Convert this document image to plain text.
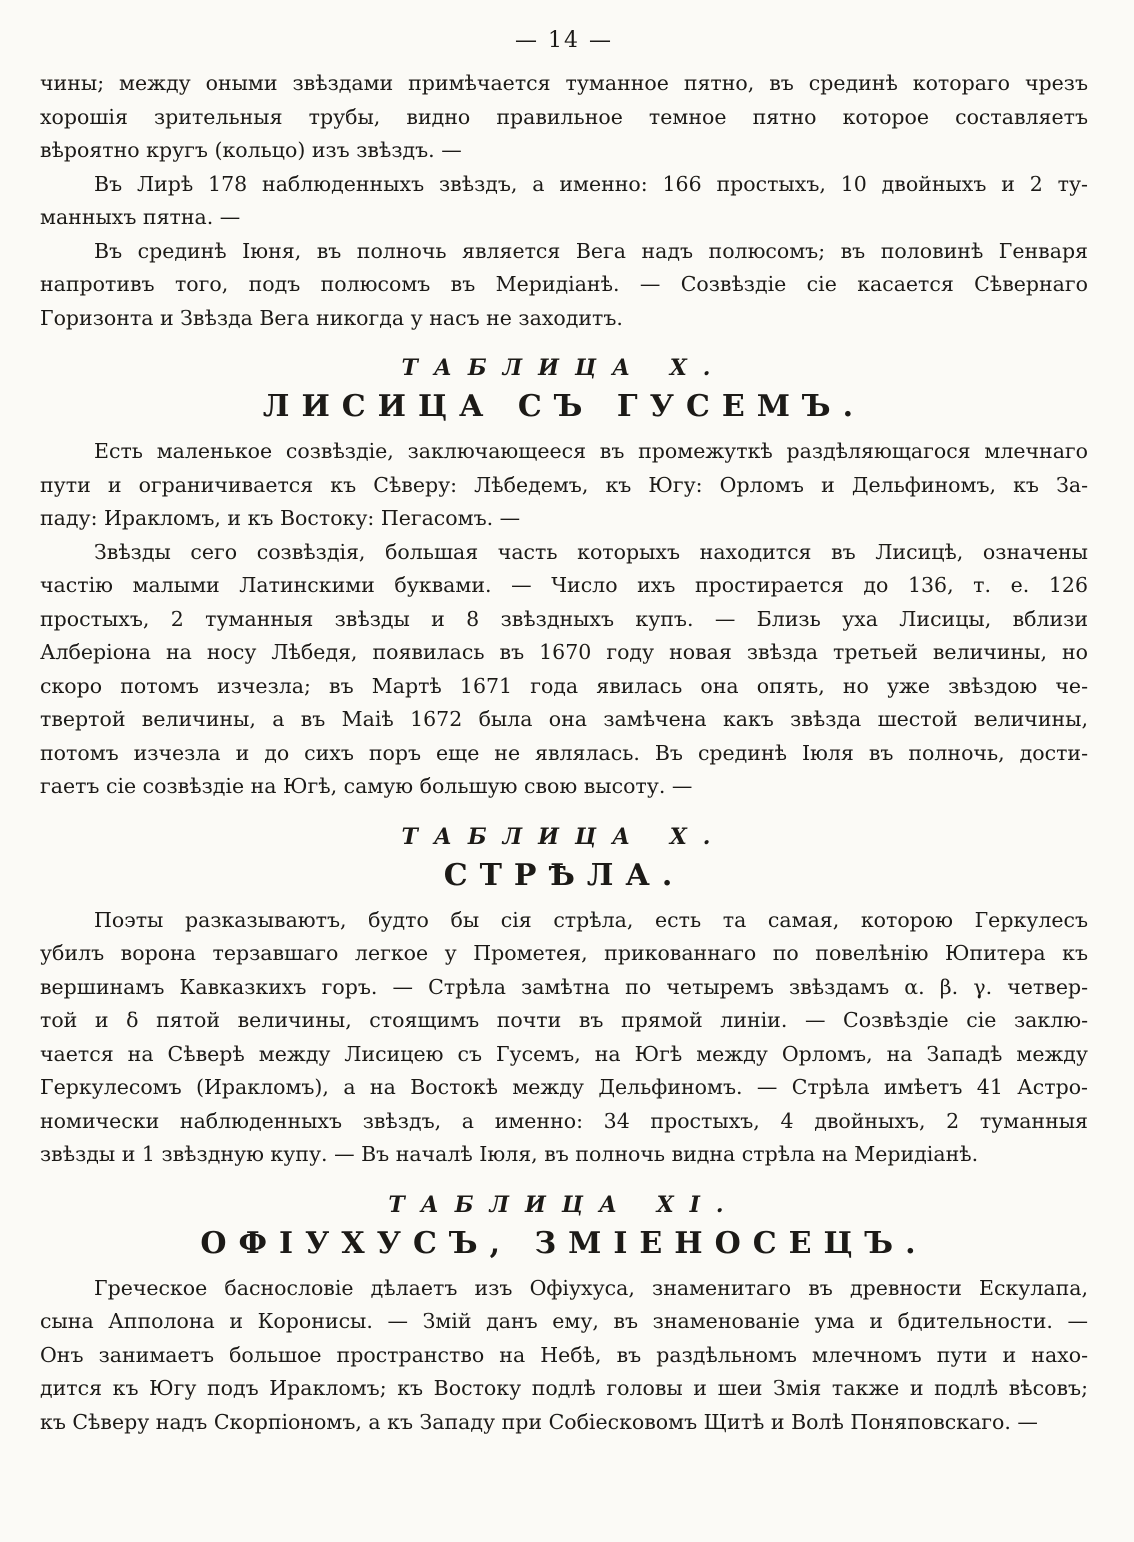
— 14 —

чины; между оными звѣздами примѣчается туманное пятно, въ срединѣ котораго чрезъ
хорошія зрительныя трубы, видно правильное темное пятно которое составляетъ
вѣроятно кругъ (кольцо) изъ звѣздъ. —

Въ Лирѣ 178 наблюденныхъ звѣздъ, а именно: 166 простыхъ, 10 двойныхъ и 2 ту-
манныхъ пятна. —

Въ срединѣ Іюня, въ полночь является Вега надъ полюсомъ; въ половинѣ Генваря
напротивъ того, подъ полюсомъ въ Меридіанѣ. — Созвѣздіе сіе касается Сѣвернаго
Горизонта и Звѣзда Вега никогда у насъ не заходитъ.

ТАБЛИЦА X.
ЛИСИЦА СЪ ГУСЕМЪ.

Есть маленькое созвѣздіе, заключающееся въ промежуткѣ раздѣляющагося млечнаго
пути и ограничивается къ Сѣверу: Лѣбедемъ, къ Югу: Орломъ и Дельфиномъ, къ За-
паду: Иракломъ, и къ Востоку: Пегасомъ. —

Звѣзды сего созвѣздія, большая часть которыхъ находится въ Лисицѣ, означены
частію малыми Латинскими буквами. — Число ихъ простирается до 136, т. е. 126
простыхъ, 2 туманныя звѣзды и 8 звѣздныхъ купъ. — Близь уха Лисицы, вблизи
Алберіона на носу Лѣбедя, появилась въ 1670 году новая звѣзда третьей величины, но
скоро потомъ изчезла; въ Мартѣ 1671 года явилась она опять, но уже звѣздою че-
твертой величины, а въ Маіѣ 1672 была она замѣчена какъ звѣзда шестой величины,
потомъ изчезла и до сихъ поръ еще не являлась. Въ срединѣ Іюля въ полночь, дости-
гаетъ сіе созвѣздіе на Югѣ, самую большую свою высоту. —

ТАБЛИЦА X.
СТРѢЛА.

Поэты разказываютъ, будто бы сія стрѣла, есть та самая, которою Геркулесъ
убилъ ворона терзавшаго легкое у Прометея, прикованнаго по повелѣнію Юпитера къ
вершинамъ Кавказкихъ горъ. — Стрѣла замѣтна по четыремъ звѣздамъ α. β. γ. четвер-
той и δ пятой величины, стоящимъ почти въ прямой линіи. — Созвѣздіе сіе заклю-
чается на Сѣверѣ между Лисицею съ Гусемъ, на Югѣ между Орломъ, на Западѣ между
Геркулесомъ (Иракломъ), а на Востокѣ между Дельфиномъ. — Стрѣла имѣетъ 41 Астро-
номически наблюденныхъ звѣздъ, а именно: 34 простыхъ, 4 двойныхъ, 2 туманныя
звѣзды и 1 звѣздную купу. — Въ началѣ Іюля, въ полночь видна стрѣла на Меридіанѣ.

ТАБЛИЦА XI.
ОФІУХУСЪ, ЗМІЕНОСЕЦЪ.

Греческое баснословіе дѣлаетъ изъ Офіухуса, знаменитаго въ древности Ескулапа,
сына Апполона и Коронисы. — Змій данъ ему, въ знаменованіе ума и бдительности. —
Онъ занимаетъ большое пространство на Небѣ, въ раздѣльномъ млечномъ пути и нахо-
дится къ Югу подъ Иракломъ; къ Востоку подлѣ головы и шеи Змія также и подлѣ вѣсовъ;
къ Сѣверу надъ Скорпіономъ, а къ Западу при Собіесковомъ Щитѣ и Волѣ Поняповскаго. —
